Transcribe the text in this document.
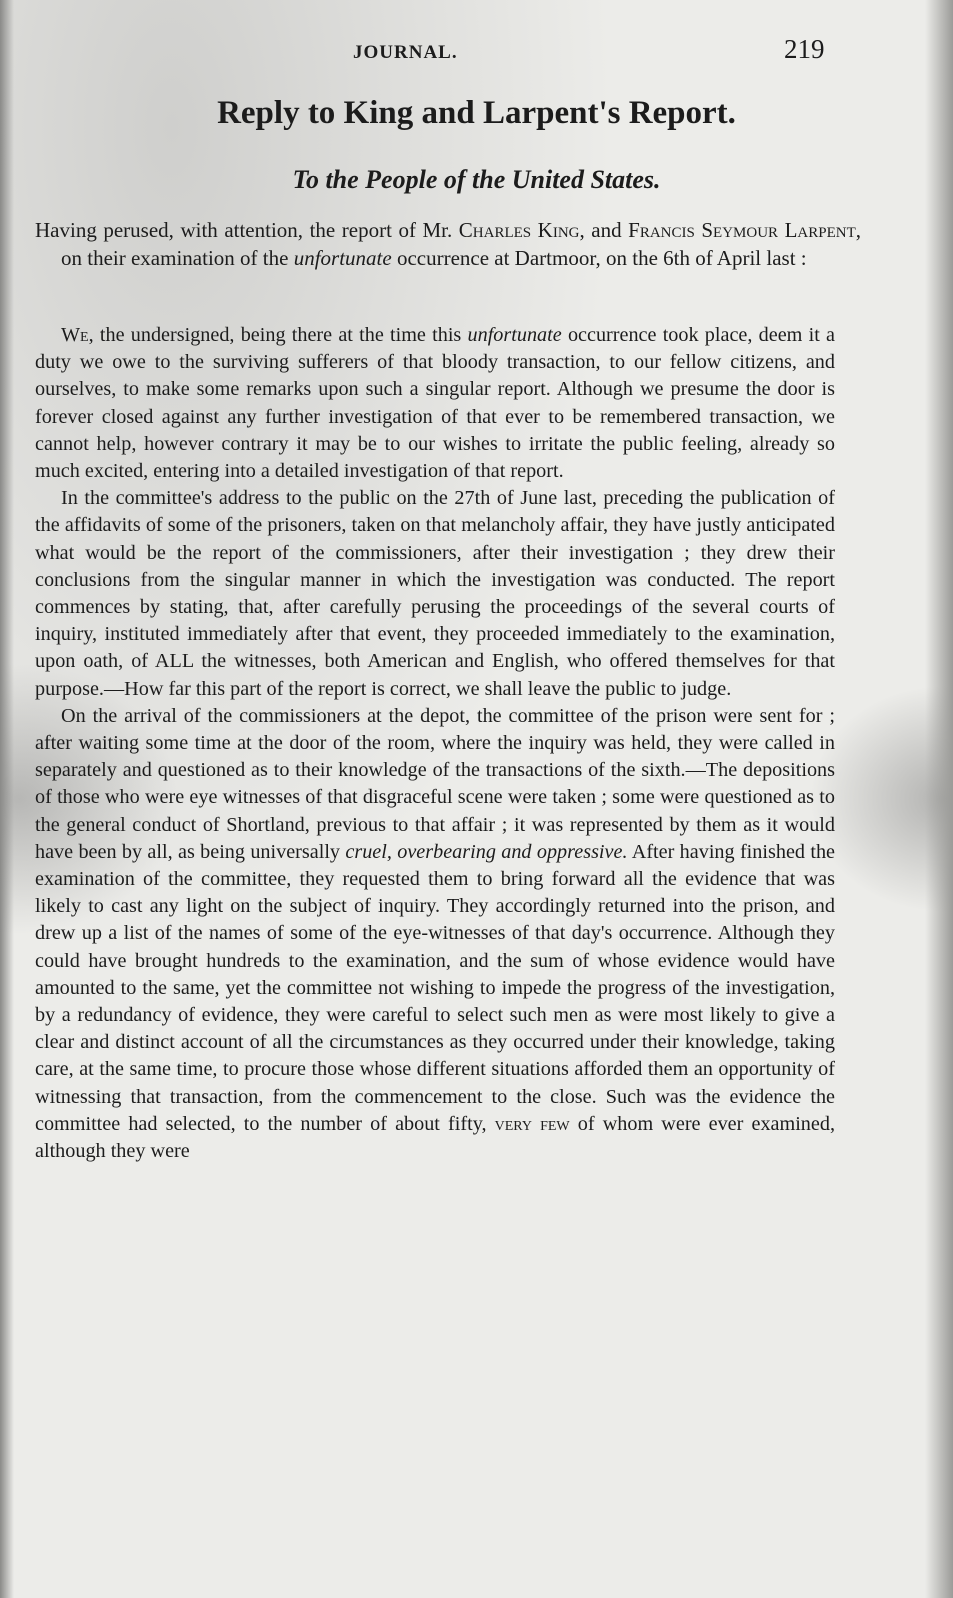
JOURNAL.	219
Reply to King and Larpent's Report.
To the People of the United States.

Having perused, with attention, the report of Mr. Charles King, and Francis Seymour Larpent, on their examination of the unfortunate occurrence at Dartmoor, on the 6th of April last :

We, the undersigned, being there at the time this unfortunate occurrence took place, deem it a duty we owe to the surviving sufferers of that bloody transaction, to our fellow citizens, and ourselves, to make some remarks upon such a singular report. Although we presume the door is forever closed against any further investigation of that ever to be remembered transaction, we cannot help, however contrary it may be to our wishes to irritate the public feeling, already so much excited, entering into a detailed investigation of that report.

In the committee's address to the public on the 27th of June last, preceding the publication of the affidavits of some of the prisoners, taken on that melancholy affair, they have justly anticipated what would be the report of the commissioners, after their investigation ; they drew their conclusions from the singular manner in which the investigation was conducted. The report commences by stating, that, after carefully perusing the proceedings of the several courts of inquiry, instituted immediately after that event, they proceeded immediately to the examination, upon oath, of ALL the witnesses, both American and English, who offered themselves for that purpose.—How far this part of the report is correct, we shall leave the public to judge.

On the arrival of the commissioners at the depot, the committee of the prison were sent for ; after waiting some time at the door of the room, where the inquiry was held, they were called in separately and questioned as to their knowledge of the transactions of the sixth.—The depositions of those who were eye witnesses of that disgraceful scene were taken ; some were questioned as to the general conduct of Shortland, previous to that affair ; it was represented by them as it would have been by all, as being universally cruel, overbearing and oppressive. After having finished the examination of the committee, they requested them to bring forward all the evidence that was likely to cast any light on the subject of inquiry. They accordingly returned into the prison, and drew up a list of the names of some of the eye-witnesses of that day's occurrence. Although they could have brought hundreds to the examination, and the sum of whose evidence would have amounted to the same, yet the committee not wishing to impede the progress of the investigation, by a redundancy of evidence, they were careful to select such men as were most likely to give a clear and distinct account of all the circumstances as they occurred under their knowledge, taking care, at the same time, to procure those whose different situations afforded them an opportunity of witnessing that transaction, from the commencement to the close. Such was the evidence the committee had selected, to the number of about fifty, very few of whom were ever examined, although they were
